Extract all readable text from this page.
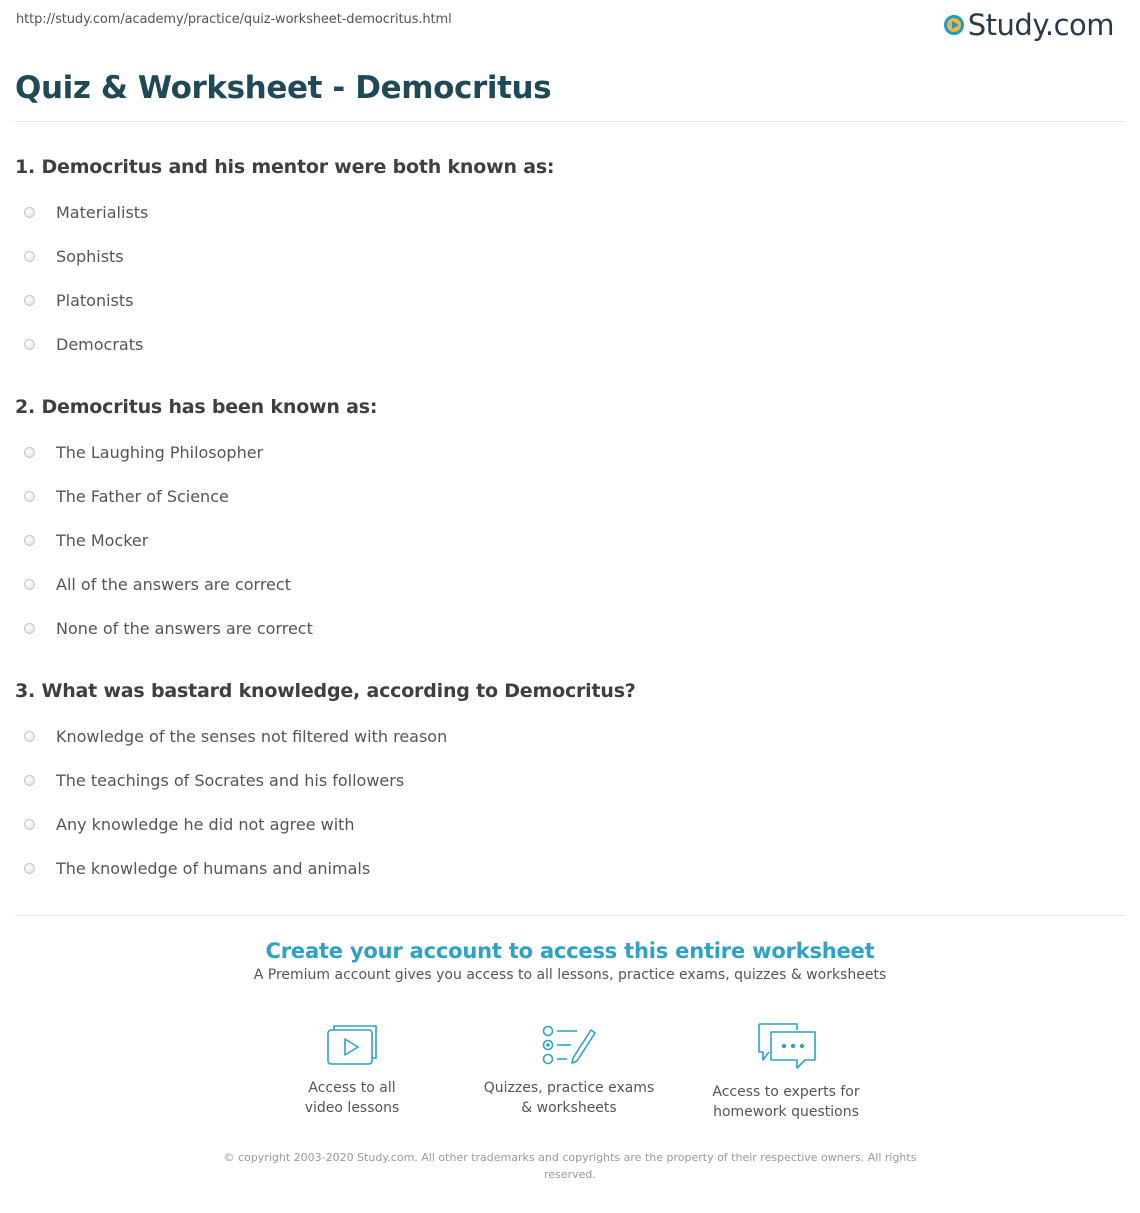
http://study.com/academy/practice/quiz-worksheet-democritus.html	Study.com
Quiz & Worksheet - Democritus
1. Democritus and his mentor were both known as:
Materialists
Sophists
Platonists
Democrats
2. Democritus has been known as:
The Laughing Philosopher
The Father of Science
The Mocker
All of the answers are correct
None of the answers are correct
3. What was bastard knowledge, according to Democritus?
Knowledge of the senses not filtered with reason
The teachings of Socrates and his followers
Any knowledge he did not agree with
The knowledge of humans and animals
Create your account to access this entire worksheet
A Premium account gives you access to all lessons, practice exams, quizzes & worksheets
Access to all
video lessons
Quizzes, practice exams
& worksheets
Access to experts for
homework questions
© copyright 2003-2020 Study.com. All other trademarks and copyrights are the property of their respective owners. All rights reserved.
